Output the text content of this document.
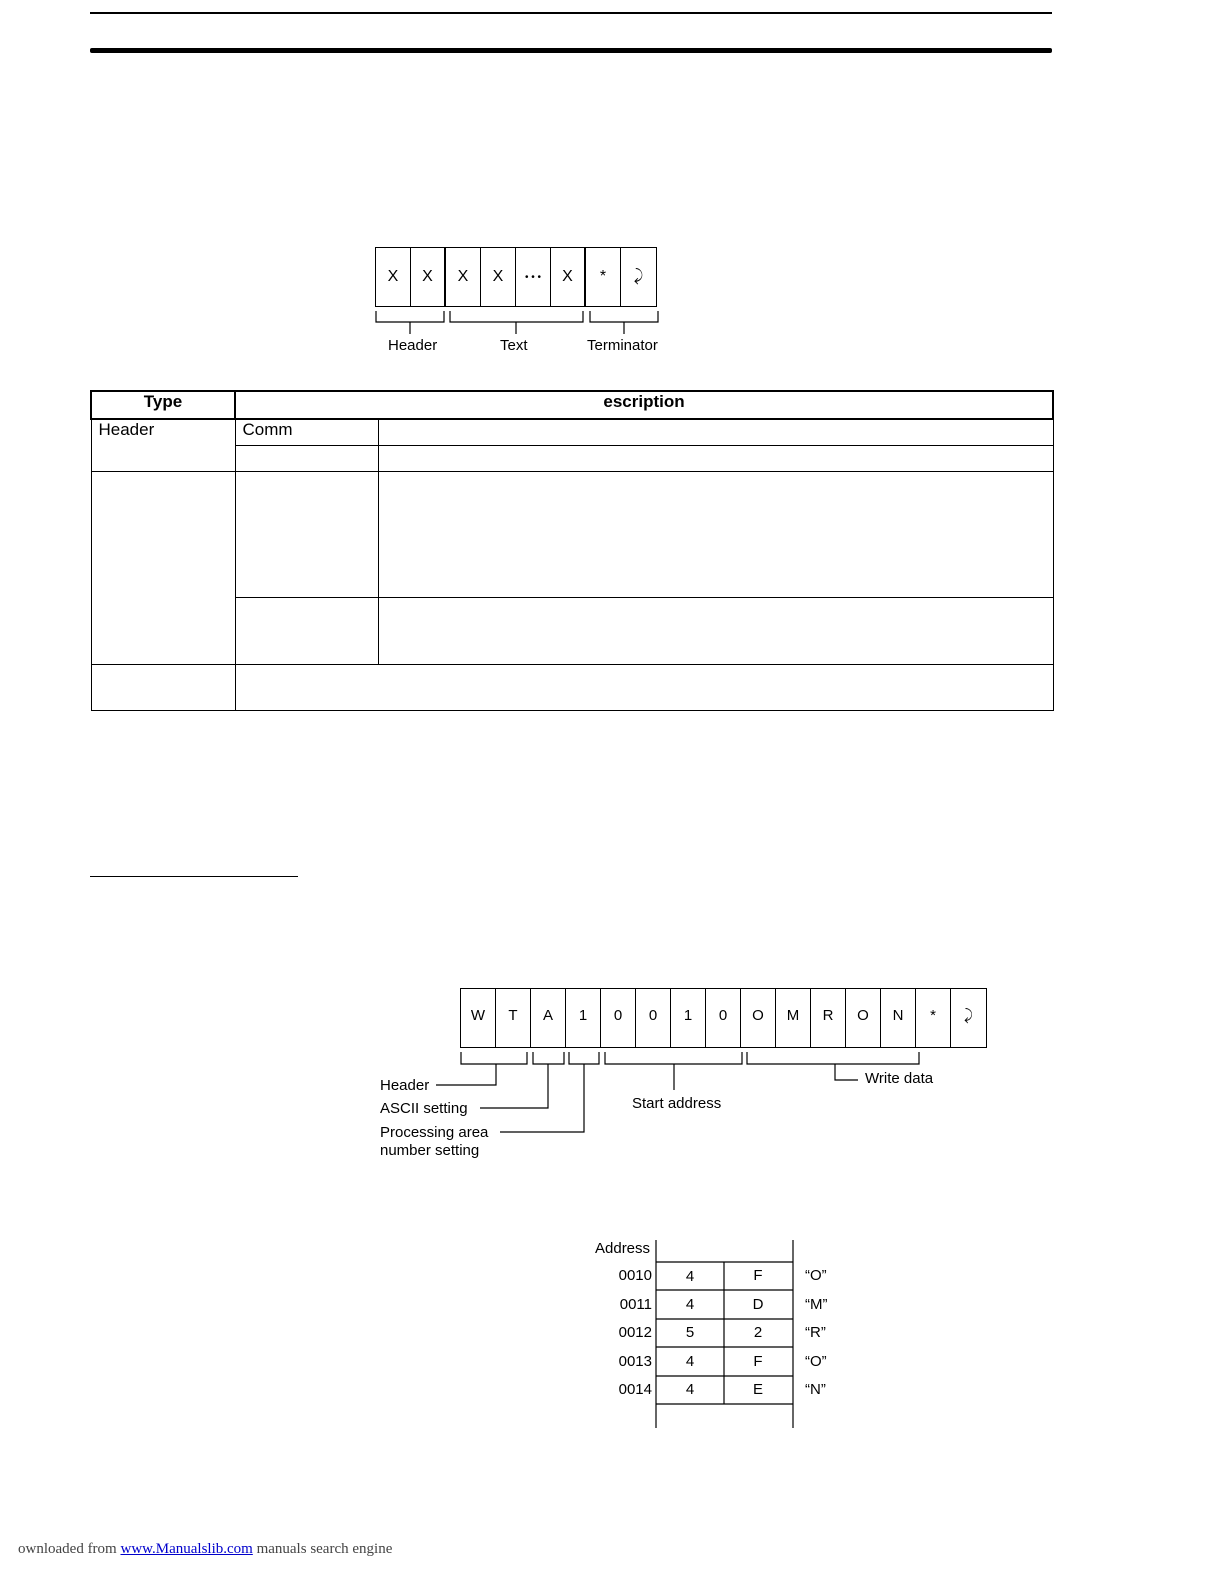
X	X	X	X	• • •	X	*	⤸
Header	Text	Terminator
Type	escription	
Header	Comm	

W	T	A	1	0	0	1	0	O	M	R	O	N	*	⤸
Header
ASCII setting
Processing area
number setting
Start address
Write data
Address
0010	4	F	“O”
0011	4	D	“M”
0012	5	2	“R”
0013	4	F	“O”
0014	4	E	“N”
ownloaded from www.Manualslib.com manuals search engine
